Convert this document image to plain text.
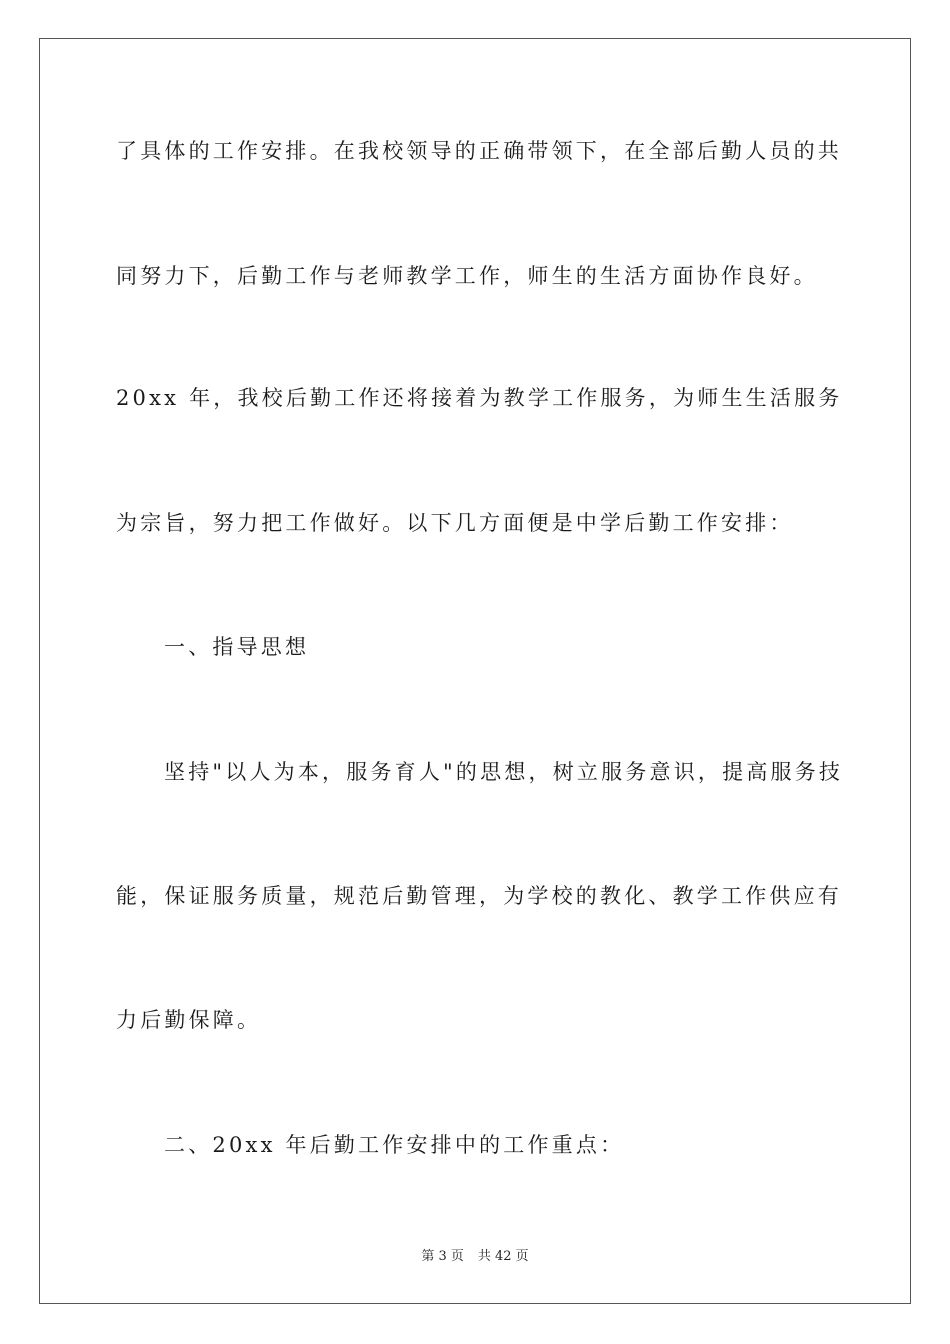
了具体的工作安排。在我校领导的正确带领下，在全部后勤人员的共
同努力下，后勤工作与老师教学工作，师生的生活方面协作良好。
20xx 年，我校后勤工作还将接着为教学工作服务，为师生生活服务
为宗旨，努力把工作做好。以下几方面便是中学后勤工作安排：
一、指导思想
坚持"以人为本，服务育人"的思想，树立服务意识，提高服务技
能，保证服务质量，规范后勤管理，为学校的教化、教学工作供应有
力后勤保障。
二、20xx 年后勤工作安排中的工作重点：
第 3 页 共 42 页
